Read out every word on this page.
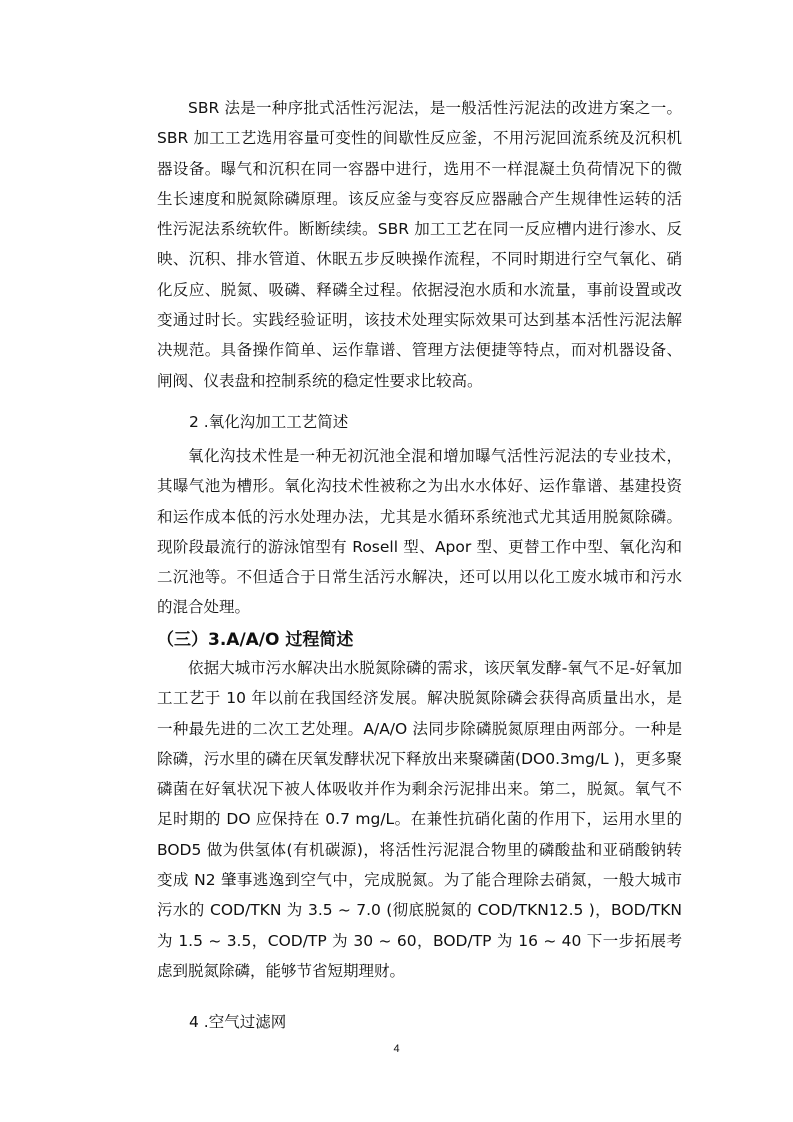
SBR 法是一种序批式活性污泥法，是一般活性污泥法的改进方案之一。SBR 加工工艺选用容量可变性的间歇性反应釜，不用污泥回流系统及沉积机器设备。曝气和沉积在同一容器中进行，选用不一样混凝土负荷情况下的微生长速度和脱氮除磷原理。该反应釜与变容反应器融合产生规律性运转的活性污泥法系统软件。断断续续。SBR 加工工艺在同一反应槽内进行渗水、反映、沉积、排水管道、休眠五步反映操作流程，不同时期进行空气氧化、硝化反应、脱氮、吸磷、释磷全过程。依据浸泡水质和水流量，事前设置或改变通过时长。实践经验证明，该技术处理实际效果可达到基本活性污泥法解决规范。具备操作简单、运作靠谱、管理方法便捷等特点，而对机器设备、闸阀、仪表盘和控制系统的稳定性要求比较高。

2 .氧化沟加工工艺简述

氧化沟技术性是一种无初沉池全混和增加曝气活性污泥法的专业技术，其曝气池为槽形。氧化沟技术性被称之为出水水体好、运作靠谱、基建投资和运作成本低的污水处理办法，尤其是水循环系统池式尤其适用脱氮除磷。现阶段最流行的游泳馆型有 Rosell 型、Apor 型、更替工作中型、氧化沟和二沉池等。不但适合于日常生活污水解决，还可以用以化工废水城市和污水的混合处理。

（三）3.A/A/O 过程简述

依据大城市污水解决出水脱氮除磷的需求，该厌氧发酵-氧气不足-好氧加工工艺于 10 年以前在我国经济发展。解决脱氮除磷会获得高质量出水，是一种最先进的二次工艺处理。A/A/O 法同步除磷脱氮原理由两部分。一种是除磷，污水里的磷在厌氧发酵状况下释放出来聚磷菌(DO0.3mg/L )，更多聚磷菌在好氧状况下被人体吸收并作为剩余污泥排出来。第二，脱氮。氧气不足时期的 DO 应保持在 0.7 mg/L。在兼性抗硝化菌的作用下，运用水里的 BOD5 做为供氢体(有机碳源)，将活性污泥混合物里的磷酸盐和亚硝酸钠转变成 N2 肇事逃逸到空气中，完成脱氮。为了能合理除去硝氮，一般大城市污水的 COD/TKN 为 3.5 ~ 7.0 (彻底脱氮的 COD/TKN12.5 )，BOD/TKN 为 1.5 ~ 3.5，COD/TP 为 30 ~ 60，BOD/TP 为 16 ~ 40 下一步拓展考虑到脱氮除磷，能够节省短期理财。

4 .空气过滤网

4
